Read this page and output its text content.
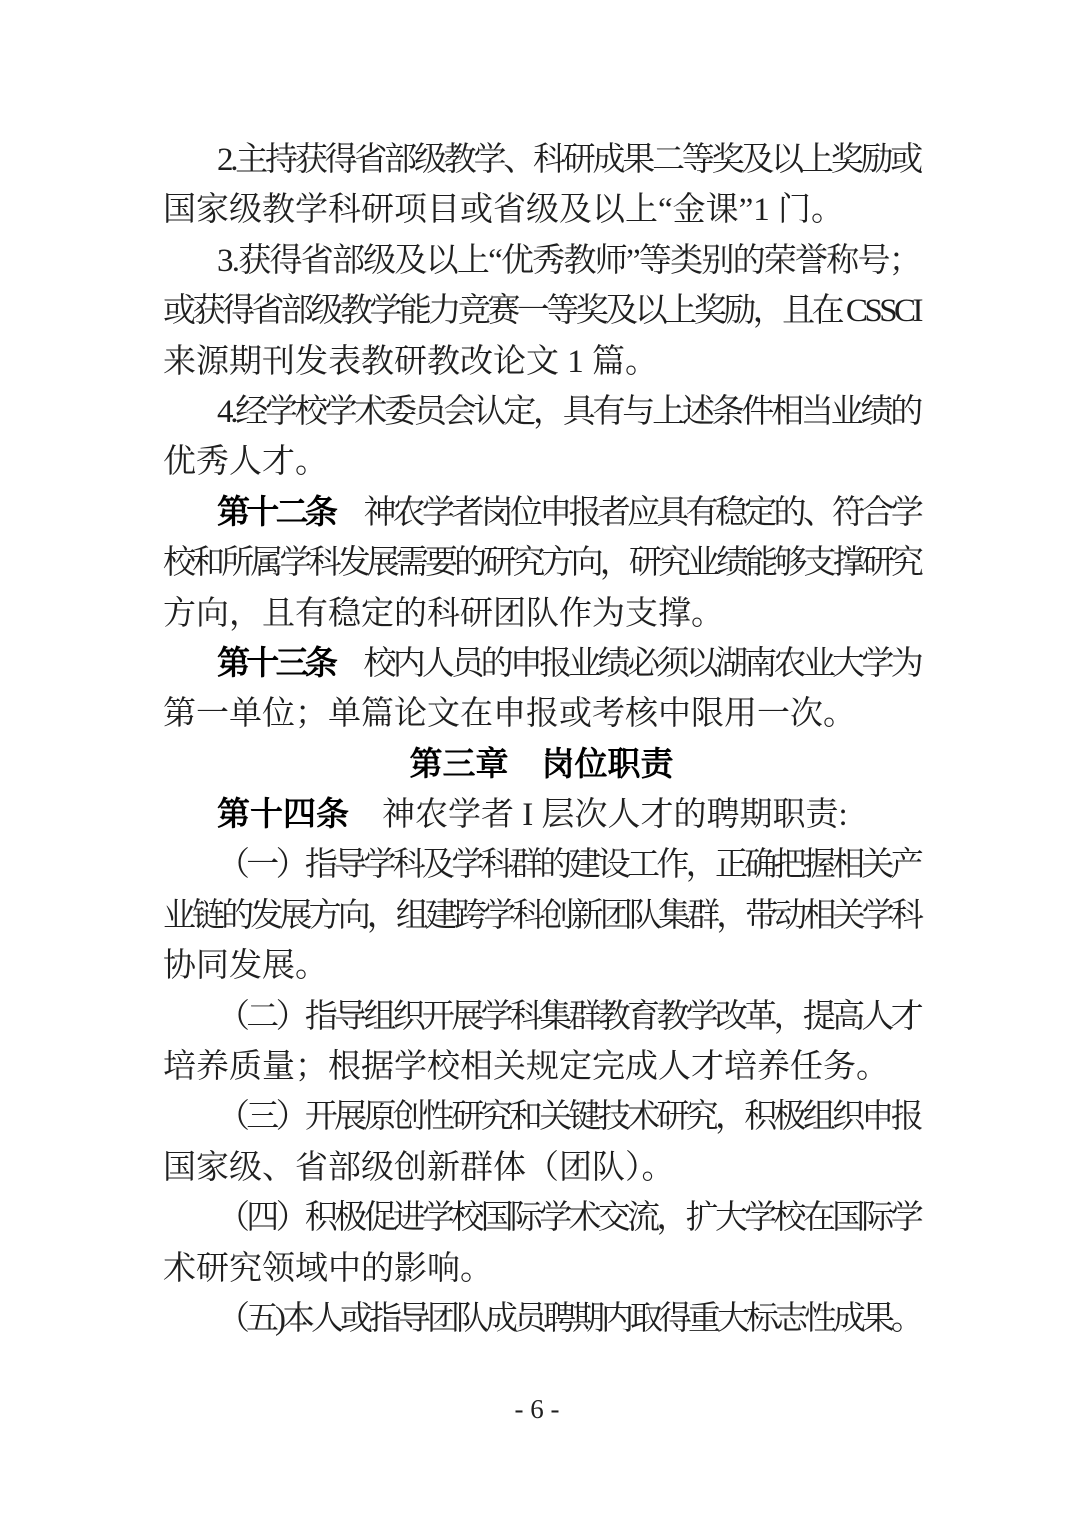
2.主持获得省部级教学、科研成果二等奖及以上奖励或
国家级教学科研项目或省级及以上“金课”1 门。
3.获得省部级及以上“优秀教师”等类别的荣誉称号；
或获得省部级教学能力竞赛一等奖及以上奖励，且在 CSSCI
来源期刊发表教研教改论文 1 篇。
4.经学校学术委员会认定，具有与上述条件相当业绩的
优秀人才。
第十二条　神农学者岗位申报者应具有稳定的、符合学
校和所属学科发展需要的研究方向，研究业绩能够支撑研究
方向，且有稳定的科研团队作为支撑。
第十三条　校内人员的申报业绩必须以湖南农业大学为
第一单位；单篇论文在申报或考核中限用一次。
第三章　岗位职责
第十四条　神农学者 I 层次人才的聘期职责:
（一）指导学科及学科群的建设工作，正确把握相关产
业链的发展方向，组建跨学科创新团队集群，带动相关学科
协同发展。
（二）指导组织开展学科集群教育教学改革，提高人才
培养质量；根据学校相关规定完成人才培养任务。
（三）开展原创性研究和关键技术研究，积极组织申报
国家级、省部级创新群体（团队）。
（四）积极促进学校国际学术交流，扩大学校在国际学
术研究领域中的影响。
（五)本人或指导团队成员聘期内取得重大标志性成果。
- 6 -
